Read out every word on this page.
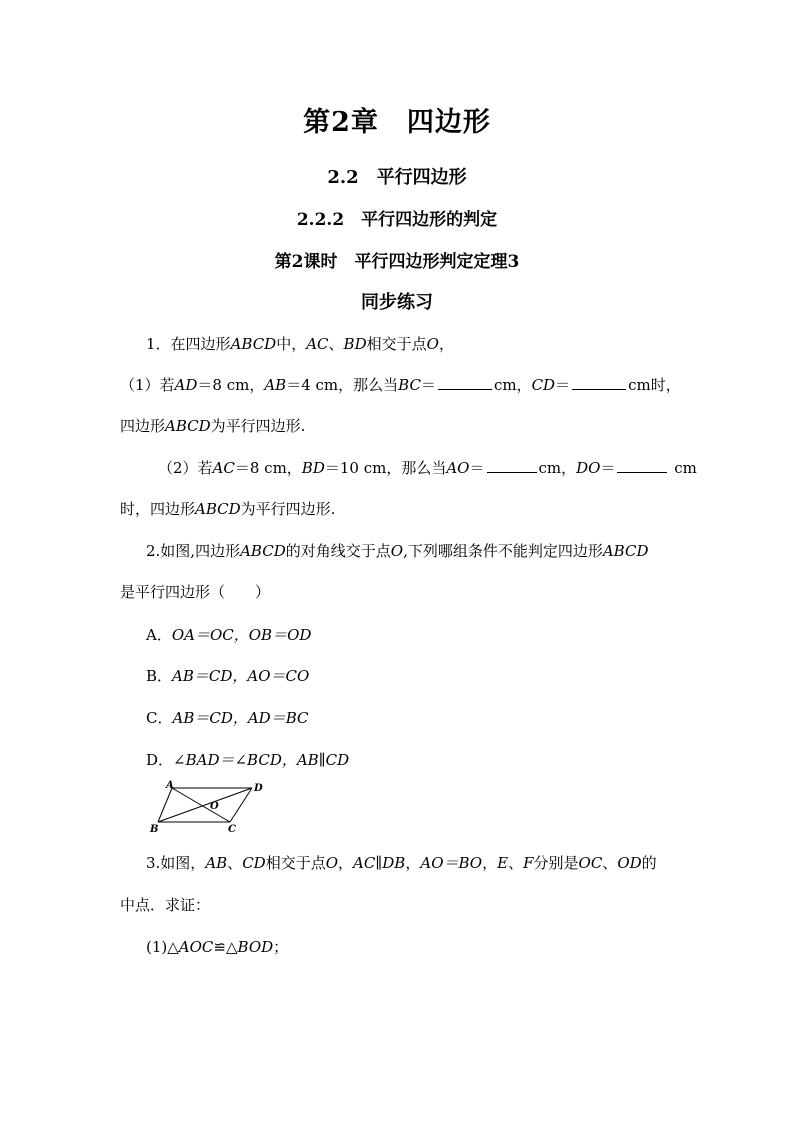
第2章　四边形
2.2　平行四边形
2.2.2　平行四边形的判定
第2课时　平行四边形判定定理3
同步练习
1．在四边形ABCD中，AC、BD相交于点O，
（1）若AD＝8 cm，AB＝4 cm，那么当BC＝	cm，CD＝	cm时，
四边形ABCD为平行四边形.
（2）若AC＝8 cm，BD＝10 cm，那么当AO＝	cm，DO＝	cm
时，四边形ABCD为平行四边形.
2.如图,四边形ABCD的对角线交于点O,下列哪组条件不能判定四边形ABCD
是平行四边形（　　）
A．OA＝OC，OB＝OD
B．AB＝CD，AO＝CO
C．AB＝CD，AD＝BC
D．∠BAD＝∠BCD，AB∥CD
A	D
B	C
O
3.如图，AB、CD相交于点O，AC∥DB，AO＝BO，E、F分别是OC、OD的
中点．求证：
(1)△AOC≌△BOD；
